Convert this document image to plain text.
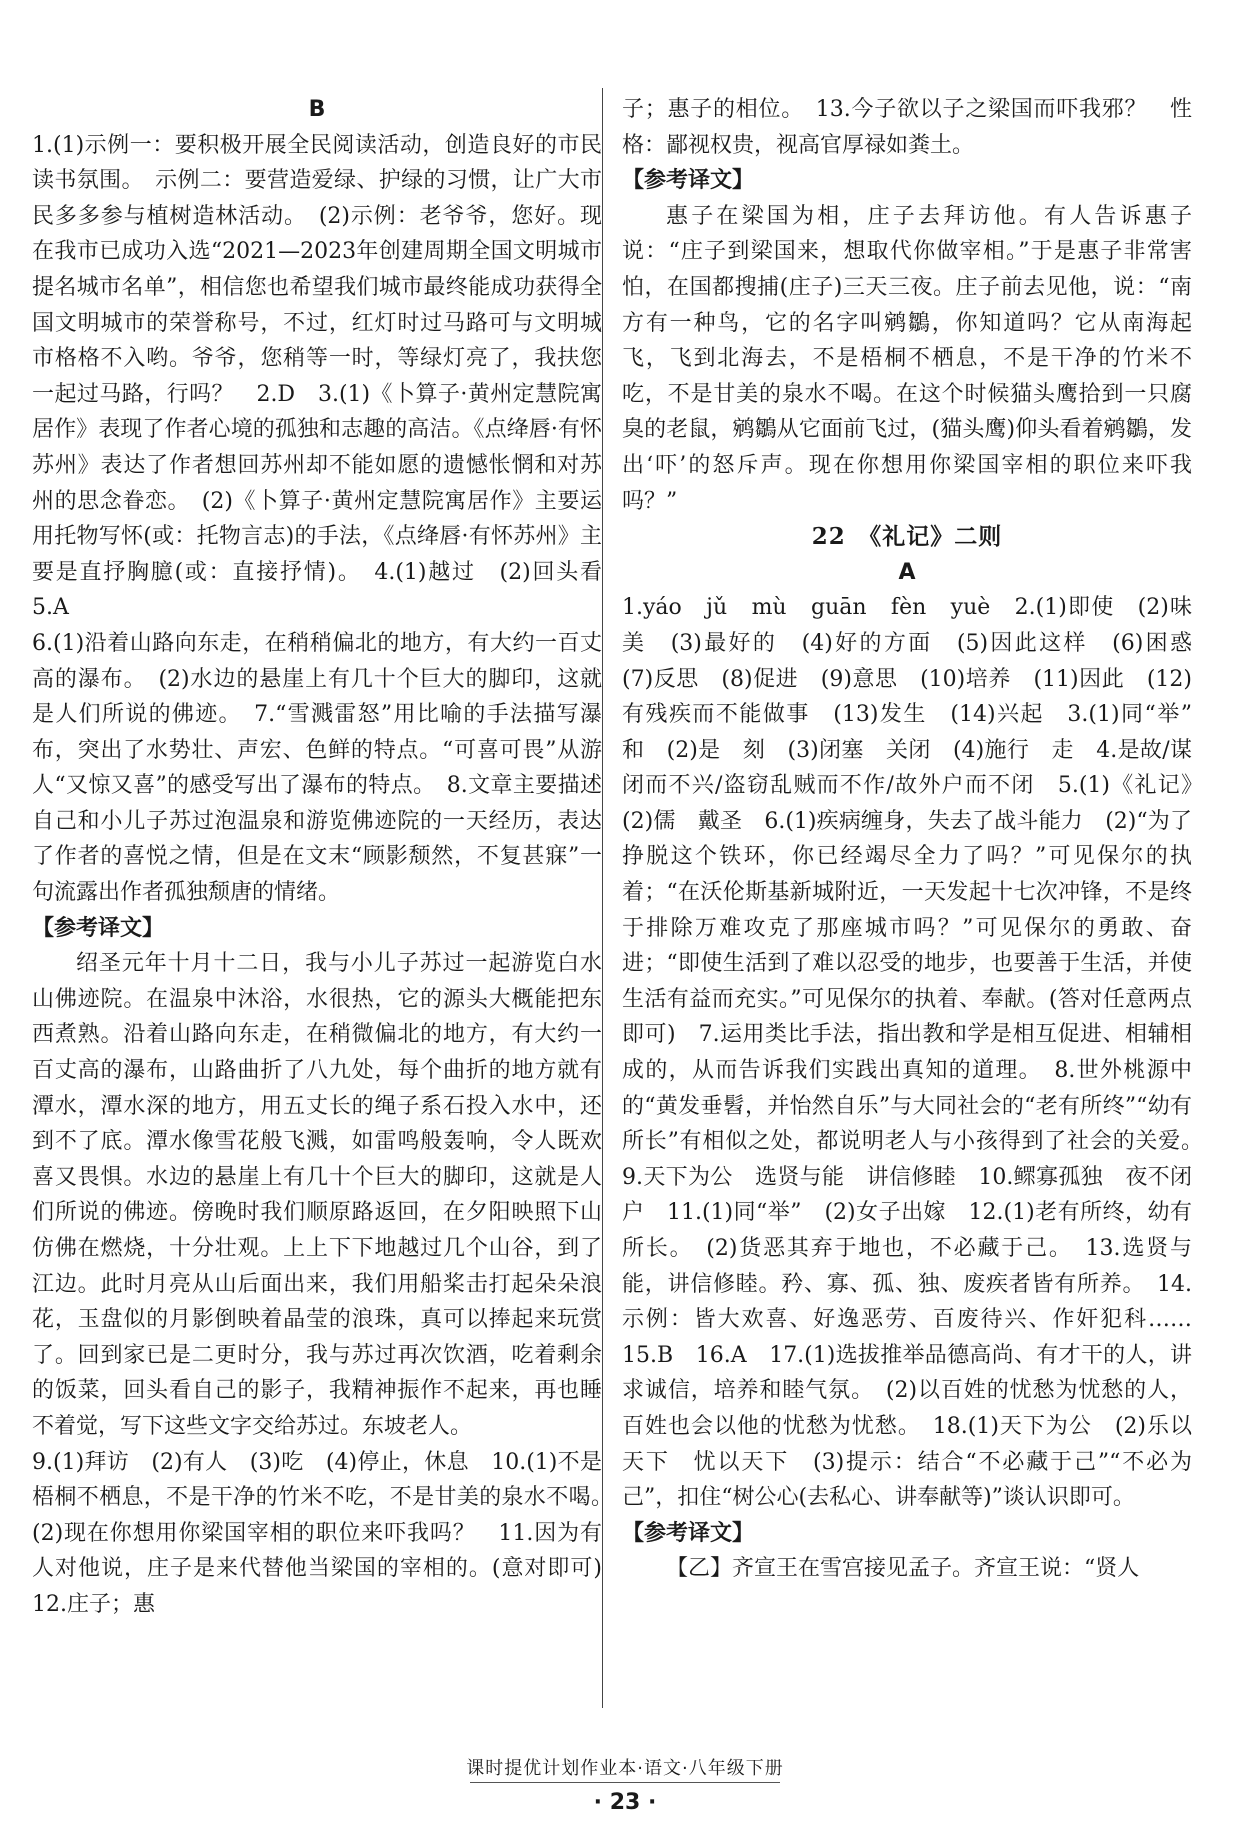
B

1.(1)示例一：要积极开展全民阅读活动，创造良好的市民读书氛围。　示例二：要营造爱绿、护绿的习惯，让广大市民多多参与植树造林活动。　(2)示例：老爷爷，您好。现在我市已成功入选“2021—2023年创建周期全国文明城市提名城市名单”，相信您也希望我们城市最终能成功获得全国文明城市的荣誉称号，不过，红灯时过马路可与文明城市格格不入哟。爷爷，您稍等一时，等绿灯亮了，我扶您一起过马路，行吗？　2.D　3.(1)《卜算子·黄州定慧院寓居作》表现了作者心境的孤独和志趣的高洁。《点绛唇·有怀苏州》表达了作者想回苏州却不能如愿的遗憾怅惘和对苏州的思念眷恋。　(2)《卜算子·黄州定慧院寓居作》主要运用托物写怀(或：托物言志)的手法，《点绛唇·有怀苏州》主要是直抒胸臆(或：直接抒情)。　4.(1)越过　(2)回头看　5.A

6.(1)沿着山路向东走，在稍稍偏北的地方，有大约一百丈高的瀑布。　(2)水边的悬崖上有几十个巨大的脚印，这就是人们所说的佛迹。　7.“雪溅雷怒”用比喻的手法描写瀑布，突出了水势壮、声宏、色鲜的特点。“可喜可畏”从游人“又惊又喜”的感受写出了瀑布的特点。　8.文章主要描述自己和小儿子苏过泡温泉和游览佛迹院的一天经历，表达了作者的喜悦之情，但是在文末“顾影颓然，不复甚寐”一句流露出作者孤独颓唐的情绪。

【参考译文】

绍圣元年十月十二日，我与小儿子苏过一起游览白水山佛迹院。在温泉中沐浴，水很热，它的源头大概能把东西煮熟。沿着山路向东走，在稍微偏北的地方，有大约一百丈高的瀑布，山路曲折了八九处，每个曲折的地方就有潭水，潭水深的地方，用五丈长的绳子系石投入水中，还到不了底。潭水像雪花般飞溅，如雷鸣般轰响，令人既欢喜又畏惧。水边的悬崖上有几十个巨大的脚印，这就是人们所说的佛迹。傍晚时我们顺原路返回，在夕阳映照下山仿佛在燃烧，十分壮观。上上下下地越过几个山谷，到了江边。此时月亮从山后面出来，我们用船桨击打起朵朵浪花，玉盘似的月影倒映着晶莹的浪珠，真可以捧起来玩赏了。回到家已是二更时分，我与苏过再次饮酒，吃着剩余的饭菜，回头看自己的影子，我精神振作不起来，再也睡不着觉，写下这些文字交给苏过。东坡老人。

9.(1)拜访　(2)有人　(3)吃　(4)停止，休息　10.(1)不是梧桐不栖息，不是干净的竹米不吃，不是甘美的泉水不喝。　(2)现在你想用你梁国宰相的职位来吓我吗？　11.因为有人对他说，庄子是来代替他当梁国的宰相的。(意对即可)　12.庄子；惠

子；惠子的相位。　13.今子欲以子之梁国而吓我邪？　性格：鄙视权贵，视高官厚禄如粪土。

【参考译文】

惠子在梁国为相，庄子去拜访他。有人告诉惠子说：“庄子到梁国来，想取代你做宰相。”于是惠子非常害怕，在国都搜捕(庄子)三天三夜。庄子前去见他，说：“南方有一种鸟，它的名字叫鹓鶵，你知道吗？它从南海起飞，飞到北海去，不是梧桐不栖息，不是干净的竹米不吃，不是甘美的泉水不喝。在这个时候猫头鹰拾到一只腐臭的老鼠，鹓鶵从它面前飞过，(猫头鹰)仰头看着鹓鶵，发出‘吓’的怒斥声。现在你想用你梁国宰相的职位来吓我吗？”

22　《礼记》二则
A

1.yáo　jǔ　mù　guān　fèn　yuè　2.(1)即使　(2)味美　(3)最好的　(4)好的方面　(5)因此这样　(6)困惑　(7)反思　(8)促进　(9)意思　(10)培养　(11)因此　(12)有残疾而不能做事　(13)发生　(14)兴起　3.(1)同“举”　和　(2)是　刻　(3)闭塞　关闭　(4)施行　走　4.是故/谋闭而不兴/盗窃乱贼而不作/故外户而不闭　5.(1)《礼记》　(2)儒　戴圣　6.(1)疾病缠身，失去了战斗能力　(2)“为了挣脱这个铁环，你已经竭尽全力了吗？”可见保尔的执着；“在沃伦斯基新城附近，一天发起十七次冲锋，不是终于排除万难攻克了那座城市吗？”可见保尔的勇敢、奋进；“即使生活到了难以忍受的地步，也要善于生活，并使生活有益而充实。”可见保尔的执着、奉献。(答对任意两点即可)　7.运用类比手法，指出教和学是相互促进、相辅相成的，从而告诉我们实践出真知的道理。　8.世外桃源中的“黄发垂髫，并怡然自乐”与大同社会的“老有所终”“幼有所长”有相似之处，都说明老人与小孩得到了社会的关爱。　9.天下为公　选贤与能　讲信修睦　10.鳏寡孤独　夜不闭户　11.(1)同“举”　(2)女子出嫁　12.(1)老有所终，幼有所长。　(2)货恶其弃于地也，不必藏于己。　13.选贤与能，讲信修睦。矜、寡、孤、独、废疾者皆有所养。　14.示例：皆大欢喜、好逸恶劳、百废待兴、作奸犯科……　15.B　16.A　17.(1)选拔推举品德高尚、有才干的人，讲求诚信，培养和睦气氛。　(2)以百姓的忧愁为忧愁的人，百姓也会以他的忧愁为忧愁。　18.(1)天下为公　(2)乐以天下　忧以天下　(3)提示：结合“不必藏于己”“不必为己”，扣住“树公心(去私心、讲奉献等)”谈认识即可。

【参考译文】

【乙】齐宣王在雪宫接见孟子。齐宣王说：“贤人

课时提优计划作业本·语文·八年级下册
· 23 ·
